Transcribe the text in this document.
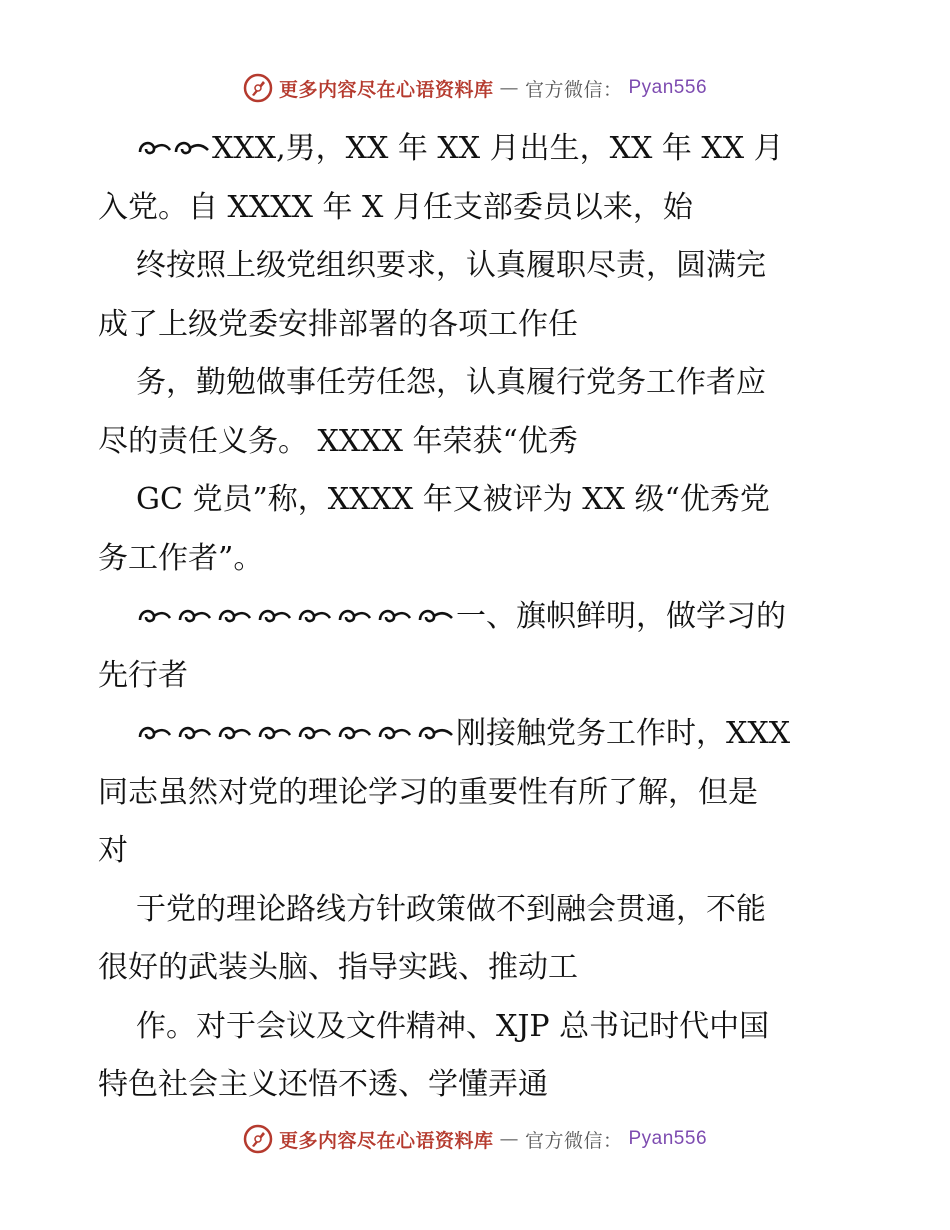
更多内容尽在心语资料库 — 官方微信： Pyan556
XXX,男，XX 年 XX 月出生，XX 年 XX 月
入党。自 XXXX 年 X 月任支部委员以来，始
终按照上级党组织要求，认真履职尽责，圆满完
成了上级党委安排部署的各项工作任
务，勤勉做事任劳任怨，认真履行党务工作者应
尽的责任义务。 XXXX 年荣获“优秀
GC 党员”称，XXXX 年又被评为 XX 级“优秀党
务工作者”。
一、旗帜鲜明，做学习的
先行者
刚接触党务工作时，XXX
同志虽然对党的理论学习的重要性有所了解，但是
对
于党的理论路线方针政策做不到融会贯通，不能
很好的武装头脑、指导实践、推动工
作。对于会议及文件精神、XJP 总书记时代中国
特色社会主义还悟不透、学懂弄通
更多内容尽在心语资料库 — 官方微信： Pyan556
